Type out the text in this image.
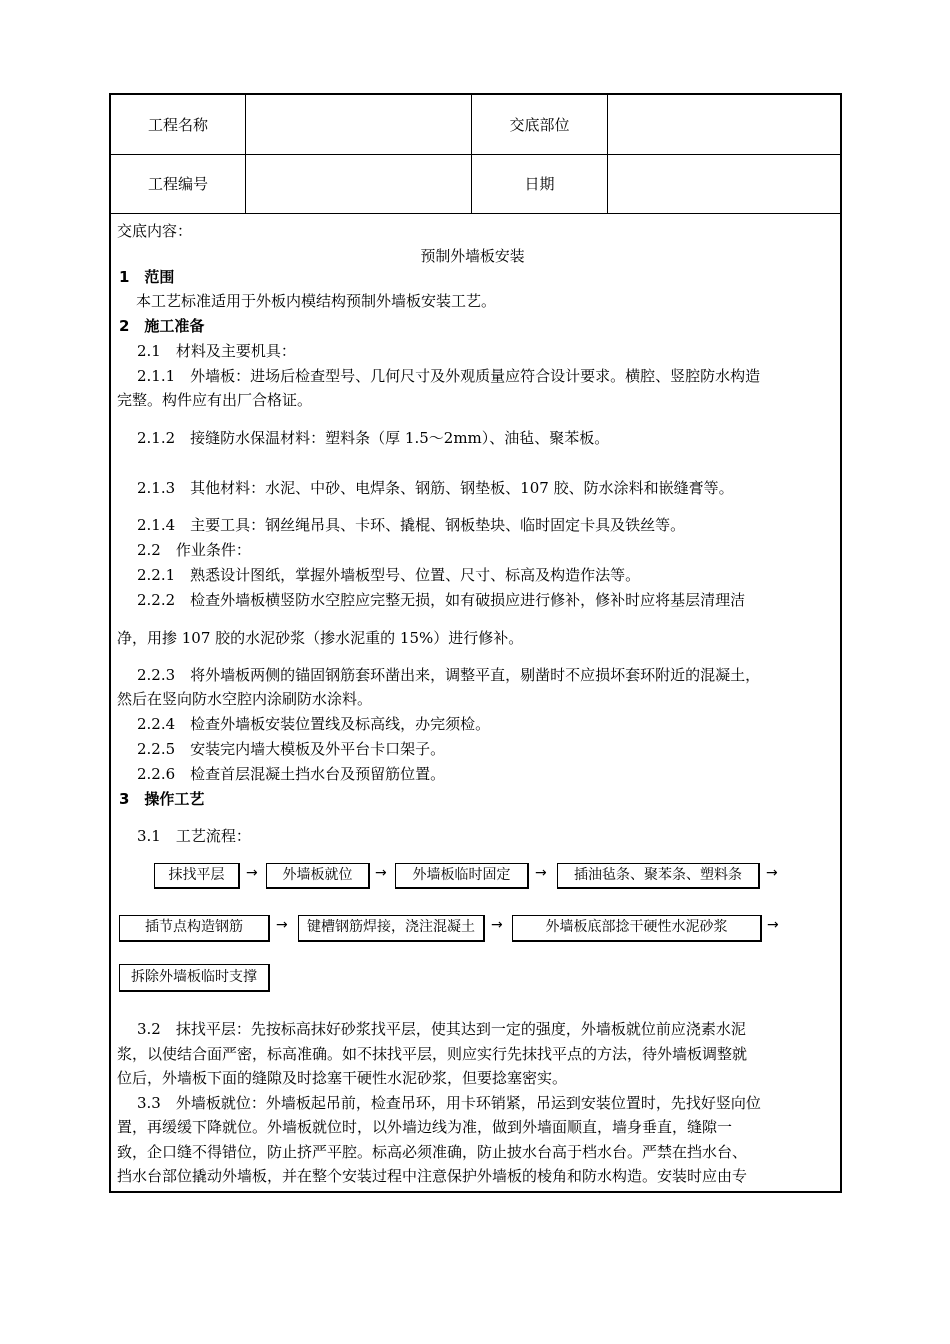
工程名称	交底部位
工程编号	日期
交底内容：
预制外墙板安装
1　范围
本工艺标准适用于外板内模结构预制外墙板安装工艺。
2　施工准备
2.1　材料及主要机具：
2.1.1　外墙板：进场后检查型号、几何尺寸及外观质量应符合设计要求。横腔、竖腔防水构造
完整。构件应有出厂合格证。
2.1.2　接缝防水保温材料：塑料条（厚 1.5～2mm）、油毡、聚苯板。
2.1.3　其他材料：水泥、中砂、电焊条、钢筋、钢垫板、107 胶、防水涂料和嵌缝膏等。
2.1.4　主要工具：钢丝绳吊具、卡环、撬棍、钢板垫块、临时固定卡具及铁丝等。
2.2　作业条件：
2.2.1　熟悉设计图纸，掌握外墙板型号、位置、尺寸、标高及构造作法等。
2.2.2　检查外墙板横竖防水空腔应完整无损，如有破损应进行修补，修补时应将基层清理洁
净，用掺 107 胶的水泥砂浆（掺水泥重的 15%）进行修补。
2.2.3　将外墙板两侧的锚固钢筋套环凿出来，调整平直，剔凿时不应损坏套环附近的混凝土，
然后在竖向防水空腔内涂刷防水涂料。
2.2.4　检查外墙板安装位置线及标高线，办完须检。
2.2.5　安装完内墙大模板及外平台卡口架子。
2.2.6　检查首层混凝土挡水台及预留筋位置。
3　操作工艺
3.1　工艺流程：
抹找平层	→	外墙板就位	→	外墙板临时固定	→	插油毡条、聚苯条、塑料条	→
插节点构造钢筋	→	键槽钢筋焊接，浇注混凝土	→	外墙板底部捻干硬性水泥砂浆	→
拆除外墙板临时支撑
3.2　抹找平层：先按标高抹好砂浆找平层，使其达到一定的强度，外墙板就位前应浇素水泥
浆，以使结合面严密，标高准确。如不抹找平层，则应实行先抹找平点的方法，待外墙板调整就
位后，外墙板下面的缝隙及时捻塞干硬性水泥砂浆，但要捻塞密实。
3.3　外墙板就位：外墙板起吊前，检查吊环，用卡环销紧，吊运到安装位置时，先找好竖向位
置，再缓缓下降就位。外墙板就位时，以外墙边线为准，做到外墙面顺直，墙身垂直，缝隙一
致，企口缝不得错位，防止挤严平腔。标高必须准确，防止披水台高于档水台。严禁在挡水台、
挡水台部位撬动外墙板，并在整个安装过程中注意保护外墙板的棱角和防水构造。安装时应由专
